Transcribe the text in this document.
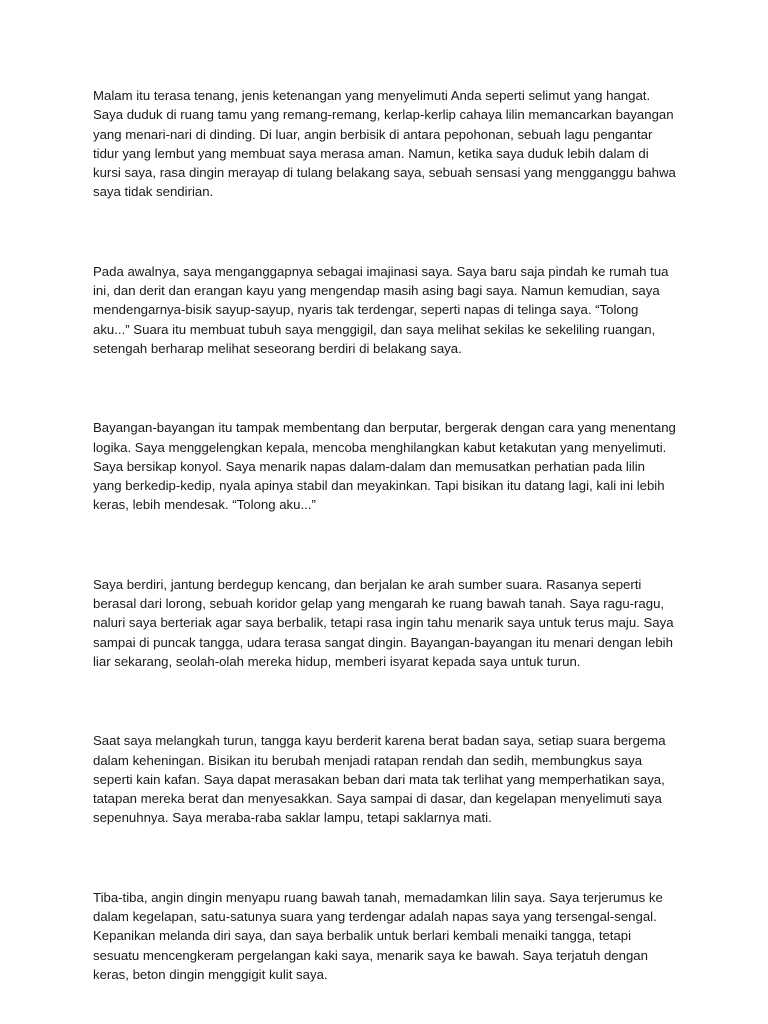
Malam itu terasa tenang, jenis ketenangan yang menyelimuti Anda seperti selimut yang hangat. Saya duduk di ruang tamu yang remang-remang, kerlap-kerlip cahaya lilin memancarkan bayangan yang menari-nari di dinding. Di luar, angin berbisik di antara pepohonan, sebuah lagu pengantar tidur yang lembut yang membuat saya merasa aman. Namun, ketika saya duduk lebih dalam di kursi saya, rasa dingin merayap di tulang belakang saya, sebuah sensasi yang mengganggu bahwa saya tidak sendirian.

Pada awalnya, saya menganggapnya sebagai imajinasi saya. Saya baru saja pindah ke rumah tua ini, dan derit dan erangan kayu yang mengendap masih asing bagi saya. Namun kemudian, saya mendengarnya-bisik sayup-sayup, nyaris tak terdengar, seperti napas di telinga saya. “Tolong aku...” Suara itu membuat tubuh saya menggigil, dan saya melihat sekilas ke sekeliling ruangan, setengah berharap melihat seseorang berdiri di belakang saya.

Bayangan-bayangan itu tampak membentang dan berputar, bergerak dengan cara yang menentang logika. Saya menggelengkan kepala, mencoba menghilangkan kabut ketakutan yang menyelimuti. Saya bersikap konyol. Saya menarik napas dalam-dalam dan memusatkan perhatian pada lilin yang berkedip-kedip, nyala apinya stabil dan meyakinkan. Tapi bisikan itu datang lagi, kali ini lebih keras, lebih mendesak. “Tolong aku...”

Saya berdiri, jantung berdegup kencang, dan berjalan ke arah sumber suara. Rasanya seperti berasal dari lorong, sebuah koridor gelap yang mengarah ke ruang bawah tanah. Saya ragu-ragu, naluri saya berteriak agar saya berbalik, tetapi rasa ingin tahu menarik saya untuk terus maju. Saya sampai di puncak tangga, udara terasa sangat dingin. Bayangan-bayangan itu menari dengan lebih liar sekarang, seolah-olah mereka hidup, memberi isyarat kepada saya untuk turun.

Saat saya melangkah turun, tangga kayu berderit karena berat badan saya, setiap suara bergema dalam keheningan. Bisikan itu berubah menjadi ratapan rendah dan sedih, membungkus saya seperti kain kafan. Saya dapat merasakan beban dari mata tak terlihat yang memperhatikan saya, tatapan mereka berat dan menyesakkan. Saya sampai di dasar, dan kegelapan menyelimuti saya sepenuhnya. Saya meraba-raba saklar lampu, tetapi saklarnya mati.

Tiba-tiba, angin dingin menyapu ruang bawah tanah, memadamkan lilin saya. Saya terjerumus ke dalam kegelapan, satu-satunya suara yang terdengar adalah napas saya yang tersengal-sengal. Kepanikan melanda diri saya, dan saya berbalik untuk berlari kembali menaiki tangga, tetapi sesuatu mencengkeram pergelangan kaki saya, menarik saya ke bawah. Saya terjatuh dengan keras, beton dingin menggigit kulit saya.
